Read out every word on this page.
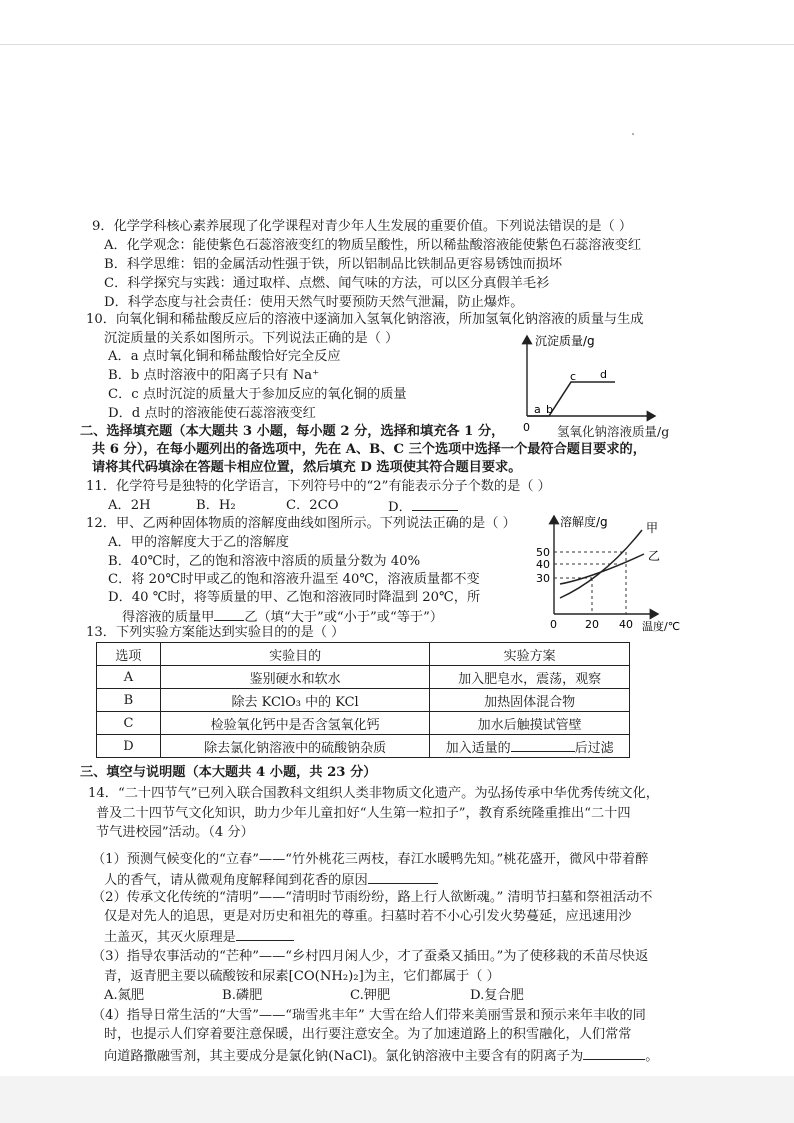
9．化学学科核心素养展现了化学课程对青少年人生发展的重要价值。下列说法错误的是（ ）
A．化学观念：能使紫色石蕊溶液变红的物质呈酸性，所以稀盐酸溶液能使紫色石蕊溶液变红
B．科学思维：铝的金属活动性强于铁，所以铝制品比铁制品更容易锈蚀而损坏
C．科学探究与实践：通过取样、点燃、闻气味的方法，可以区分真假羊毛衫
D．科学态度与社会责任：使用天然气时要预防天然气泄漏，防止爆炸。
10．向氧化铜和稀盐酸反应后的溶液中逐滴加入氢氧化钠溶液，所加氢氧化钠溶液的质量与生成
沉淀质量的关系如图所示。下列说法正确的是（ ）
A．a 点时氧化铜和稀盐酸恰好完全反应
B．b 点时溶液中的阳离子只有 Na⁺
C．c 点时沉淀的质量大于参加反应的氧化铜的质量
D．d 点时的溶液能使石蕊溶液变红
沉淀质量/g
0
a b
c d
氢氧化钠溶液质量/g
二、选择填充题（本大题共 3 小题，每小题 2 分，选择和填充各 1 分，
共 6 分），在每小题列出的备选项中，先在 A、B、C 三个选项中选择一个最符合题目要求的，
请将其代码填涂在答题卡相应位置，然后填充 D 选项使其符合题目要求。
11．化学符号是独特的化学语言，下列符号中的“2”有能表示分子个数的是（ ）
A．2H	B．H₂	C．2CO	D．
12．甲、乙两种固体物质的溶解度曲线如图所示。下列说法正确的是（ ）
A．甲的溶解度大于乙的溶解度
B．40℃时，乙的饱和溶液中溶质的质量分数为 40%
C．将 20℃时甲或乙的饱和溶液升温至 40℃，溶液质量都不变
D．40 ℃时，将等质量的甲、乙饱和溶液同时降温到 20℃，所
得溶液的质量甲 乙（填“大于”或“小于”或“等于”）
溶解度/g	甲
乙
50
40
30
0	20 40 温度/℃
13．下列实验方案能达到实验目的的是（ ）
选项	实验目的	实验方案
A	鉴别硬水和软水	加入肥皂水，震荡，观察
B	除去 KClO₃ 中的 KCl	加热固体混合物
C	检验氧化钙中是否含氢氧化钙	加水后触摸试管壁
D	除去氯化钠溶液中的硫酸钠杂质	加入适量的 后过滤
三、填空与说明题（本大题共 4 小题，共 23 分）
14．“二十四节气”已列入联合国教科文组织人类非物质文化遗产。为弘扬传承中华优秀传统文化，
普及二十四节气文化知识，助力少年儿童扣好“人生第一粒扣子”，教育系统隆重推出“二十四
节气进校园”活动。（4 分）
（1）预测气候变化的“立春”——“竹外桃花三两枝，春江水暖鸭先知。”桃花盛开，微风中带着醉
人的香气，请从微观角度解释闻到花香的原因
（2）传承文化传统的“清明”——“清明时节雨纷纷，路上行人欲断魂。” 清明节扫墓和祭祖活动不
仅是对先人的追思，更是对历史和祖先的尊重。扫墓时若不小心引发火势蔓延，应迅速用沙
土盖灭，其灭火原理是
（3）指导农事活动的“芒种”——“乡村四月闲人少，才了蚕桑又插田。”为了使移栽的禾苗尽快返
青，返青肥主要以硫酸铵和尿素[CO(NH₂)₂]为主，它们都属于（ ）
A.氮肥	B.磷肥	C.钾肥	D.复合肥
（4）指导日常生活的“大雪”——“瑞雪兆丰年” 大雪在给人们带来美丽雪景和预示来年丰收的同
时，也提示人们穿着要注意保暖，出行要注意安全。为了加速道路上的积雪融化，人们常常
向道路撒融雪剂，其主要成分是氯化钠(NaCl)。氯化钠溶液中主要含有的阴离子为	。
